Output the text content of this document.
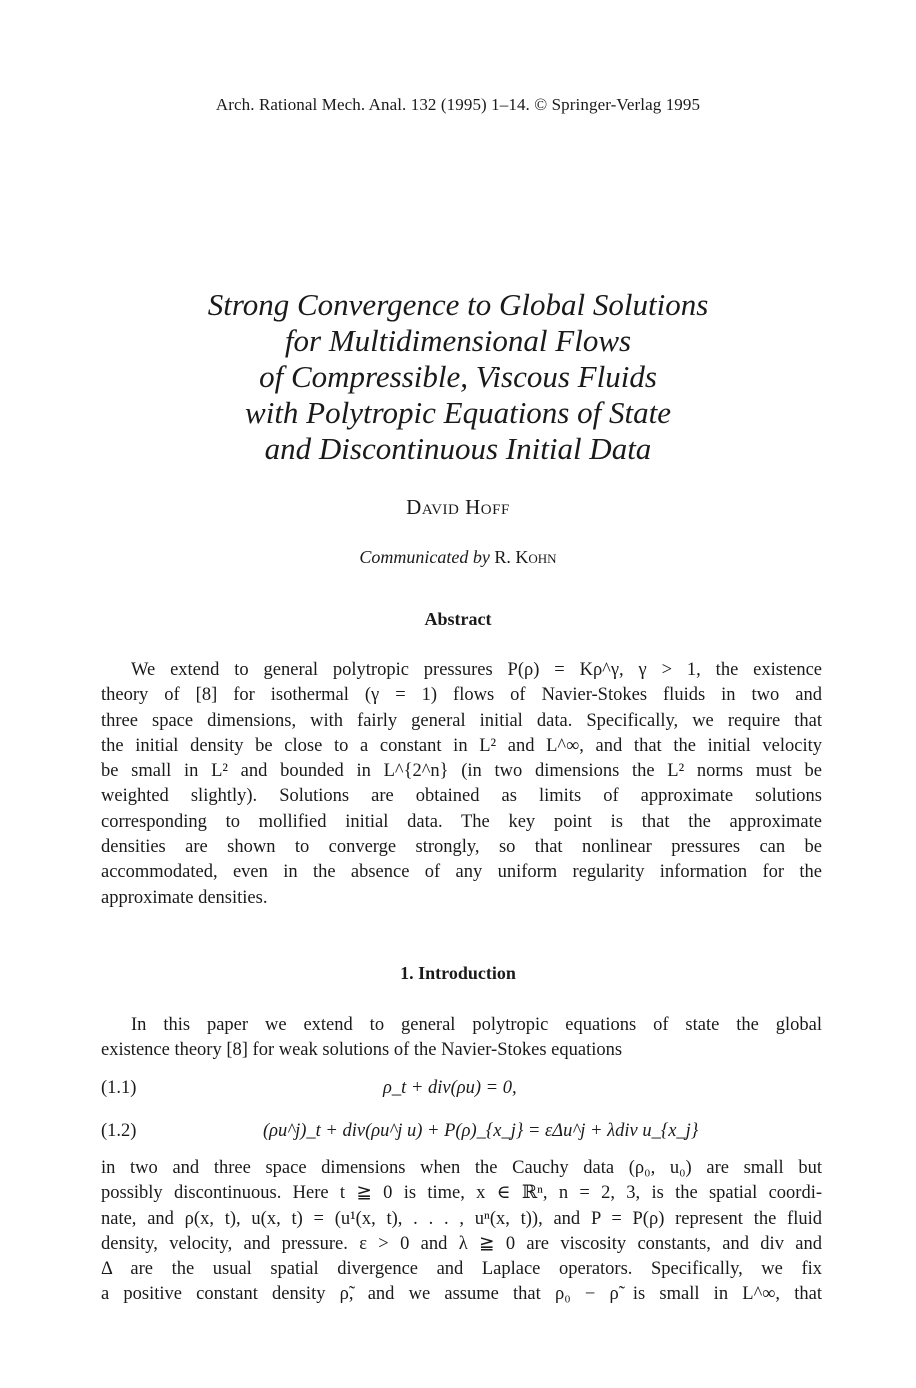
Arch. Rational Mech. Anal. 132 (1995) 1–14. © Springer-Verlag 1995
Strong Convergence to Global Solutions
for Multidimensional Flows
of Compressible, Viscous Fluids
with Polytropic Equations of State
and Discontinuous Initial Data
David Hoff
Communicated by R. Kohn
Abstract
We extend to general polytropic pressures P(ρ) = Kρ^γ, γ > 1, the existence
theory of [8] for isothermal (γ = 1) flows of Navier-Stokes fluids in two and
three space dimensions, with fairly general initial data. Specifically, we require that
the initial density be close to a constant in L² and L^∞, and that the initial velocity
be small in L² and bounded in L^{2^n} (in two dimensions the L² norms must be
weighted slightly). Solutions are obtained as limits of approximate solutions
corresponding to mollified initial data. The key point is that the approximate
densities are shown to converge strongly, so that nonlinear pressures can be
accommodated, even in the absence of any uniform regularity information for the
approximate densities.
1. Introduction
In this paper we extend to general polytropic equations of state the global
existence theory [8] for weak solutions of the Navier-Stokes equations
(1.1)	ρ_t + div(ρu) = 0,
(1.2)	(ρu^j)_t + div(ρu^j u) + P(ρ)_{x_j} = εΔu^j + λdiv u_{x_j}
in two and three space dimensions when the Cauchy data (ρ₀, u₀) are small but
possibly discontinuous. Here t ≧ 0 is time, x ∈ ℝⁿ, n = 2, 3, is the spatial coordi-
nate, and ρ(x, t), u(x, t) = (u¹(x, t), . . . , uⁿ(x, t)), and P = P(ρ) represent the fluid
density, velocity, and pressure. ε > 0 and λ ≧ 0 are viscosity constants, and div and
Δ are the usual spatial divergence and Laplace operators. Specifically, we fix
a positive constant density ρ̃, and we assume that ρ₀ − ρ̃ is small in L^∞, that
